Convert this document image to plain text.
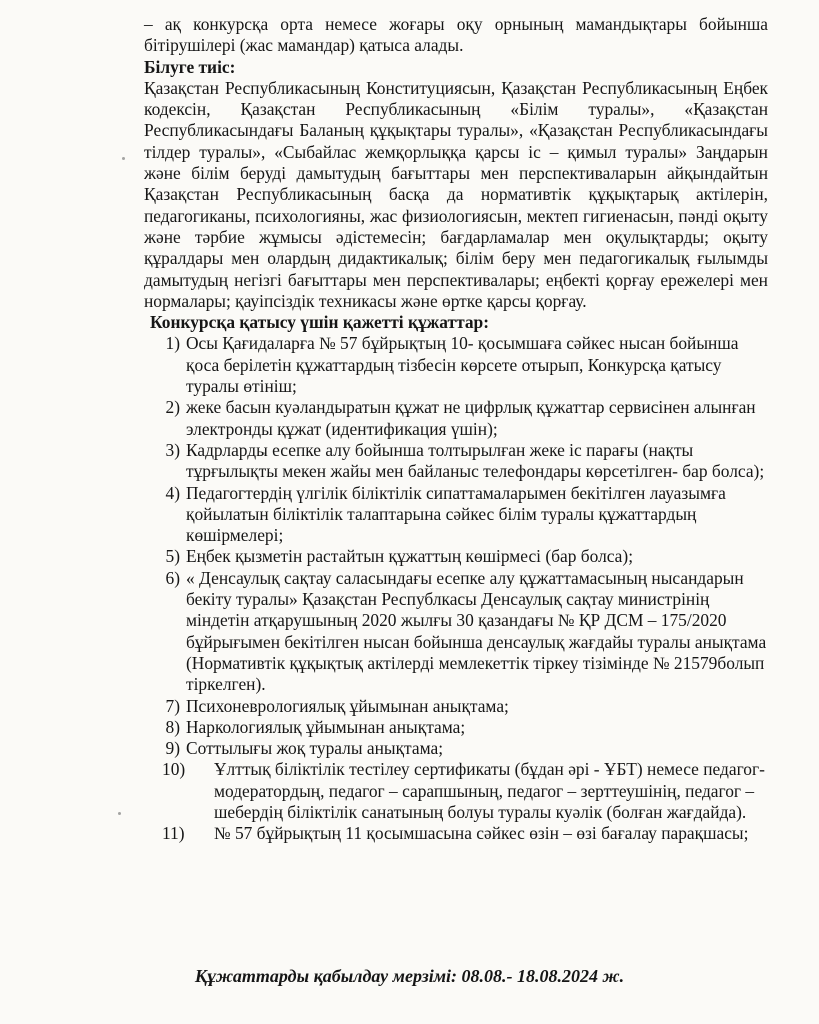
– ақ конкурсқа орта немесе жоғары оқу орнының мамандықтары бойынша бітірушілері (жас мамандар) қатыса алады.
Білуге тиіс:
Қазақстан Республикасының Конституциясын, Қазақстан Республикасының Еңбек кодексін, Қазақстан Республикасының «Білім туралы», «Қазақстан Республикасындағы Баланың құқықтары туралы», «Қазақстан Республикасындағы тілдер туралы», «Сыбайлас жемқорлыққа қарсы іс – қимыл туралы» Заңдарын және білім беруді дамытудың бағыттары мен перспективаларын айқындайтын Қазақстан Республикасының басқа да нормативтік құқықтарық актілерін, педагогиканы, психологияны, жас физиологиясын, мектеп гигиенасын, пәнді оқыту және тәрбие жұмысы әдістемесін; бағдарламалар мен оқулықтарды; оқыту құралдары мен олардың дидактикалық; білім беру мен педагогикалық ғылымды дамытудың негізгі бағыттары мен перспективалары; еңбекті қорғау ережелері мен нормалары; қауіпсіздік техникасы және өртке қарсы қорғау.
Конкурсқа қатысу үшін қажетті құжаттар:
1) Осы Қағидаларға № 57 бұйрықтың 10- қосымшаға сәйкес нысан бойынша қоса берілетін құжаттардың тізбесін көрсете отырып, Конкурсқа қатысу туралы өтініш;
2) жеке басын куәландыратын құжат не цифрлық құжаттар сервисінен алынған электронды құжат (идентификация үшін);
3) Кадрларды есепке алу бойынша толтырылған жеке іс парағы (нақты тұрғылықты мекен жайы мен байланыс телефондары көрсетілген- бар болса);
4) Педагогтердің үлгілік біліктілік сипаттамаларымен бекітілген лауазымға қойылатын біліктілік талаптарына сәйкес білім туралы құжаттардың көшірмелері;
5) Еңбек қызметін растайтын құжаттың көшірмесі (бар болса);
6) « Денсаулық сақтау саласындағы есепке алу құжаттамасының нысандарын бекіту туралы» Қазақстан Республкасы Денсаулық сақтау министрінің міндетін атқарушының 2020 жылғы 30 қазандағы № ҚР ДСМ – 175/2020 бұйрығымен бекітілген нысан бойынша денсаулық жағдайы туралы анықтама (Нормативтік құқықтық актілерді мемлекеттік тіркеу тізімінде № 21579болып тіркелген).
7) Психоневрологиялық ұйымынан анықтама;
8) Наркологиялық ұйымынан анықтама;
9) Соттылығы жоқ туралы анықтама;
10)	Ұлттық біліктілік тестілеу сертификаты (бұдан әрі - ҰБТ) немесе педагог- модератордың, педагог – сарапшының, педагог – зерттеушінің, педагог – шебердің біліктілік санатының болуы туралы куәлік (болған жағдайда).
11)	№ 57 бұйрықтың 11 қосымшасына сәйкес өзін – өзі бағалау парақшасы;
Құжаттарды қабылдау мерзімі: 08.08.- 18.08.2024 ж.
